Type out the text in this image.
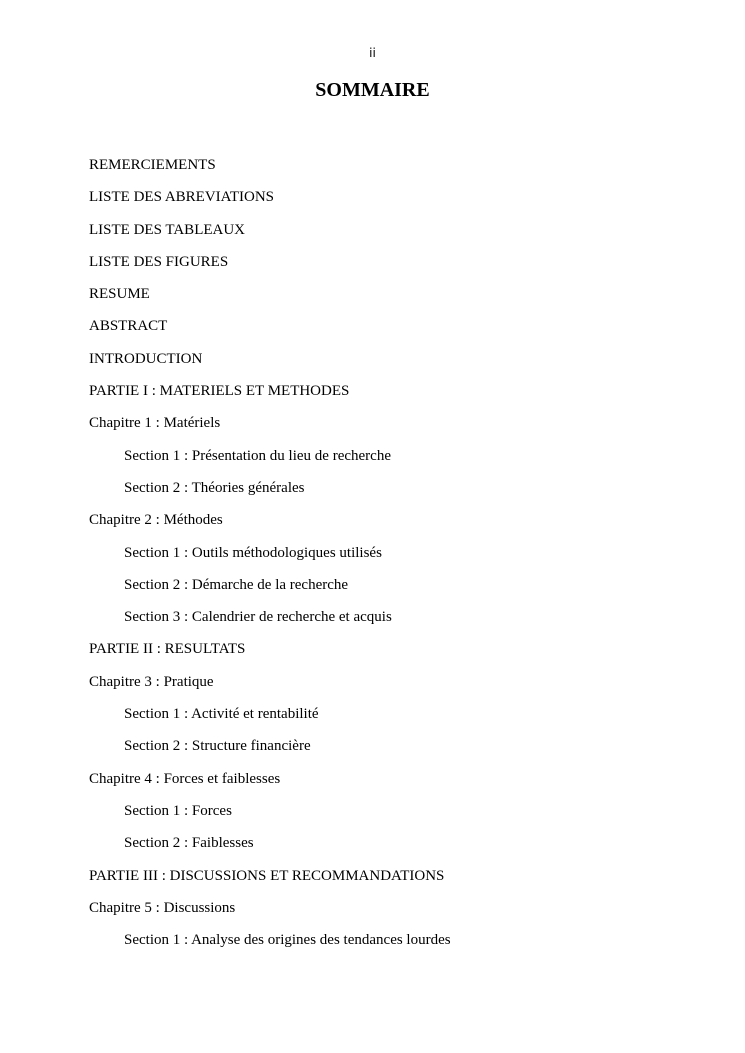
ii
SOMMAIRE
REMERCIEMENTS
LISTE DES ABREVIATIONS
LISTE DES TABLEAUX
LISTE DES FIGURES
RESUME
ABSTRACT
INTRODUCTION
PARTIE I : MATERIELS ET METHODES
Chapitre 1 : Matériels
Section 1 : Présentation du lieu de recherche
Section 2 : Théories générales
Chapitre 2 : Méthodes
Section 1 : Outils méthodologiques utilisés
Section 2 : Démarche de la recherche
Section 3 : Calendrier de recherche et acquis
PARTIE II : RESULTATS
Chapitre 3 : Pratique
Section 1 : Activité et rentabilité
Section 2 : Structure financière
Chapitre 4 : Forces et faiblesses
Section 1 : Forces
Section 2 : Faiblesses
PARTIE III : DISCUSSIONS ET RECOMMANDATIONS
Chapitre 5 : Discussions
Section 1 : Analyse des origines des tendances lourdes
